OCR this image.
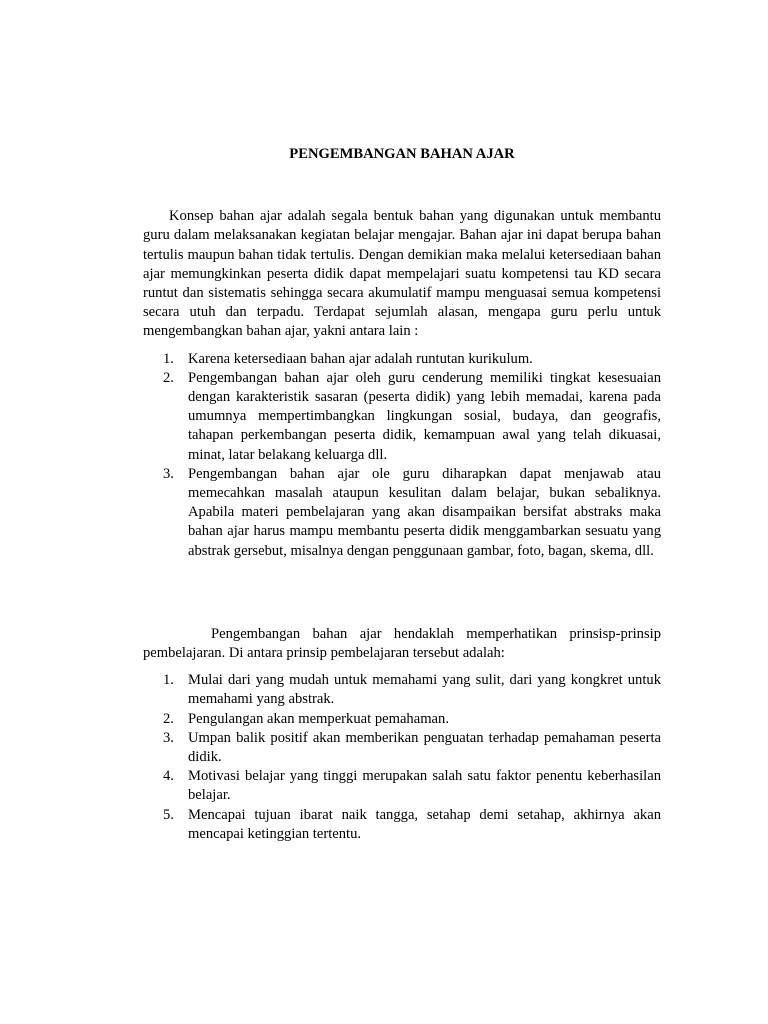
PENGEMBANGAN BAHAN AJAR

Konsep bahan ajar adalah segala bentuk bahan yang digunakan untuk membantu guru dalam melaksanakan kegiatan belajar mengajar. Bahan ajar ini dapat berupa bahan tertulis maupun bahan tidak tertulis. Dengan demikian maka melalui ketersediaan bahan ajar memungkinkan peserta didik dapat mempelajari suatu kompetensi tau KD secara runtut dan sistematis sehingga secara akumulatif mampu menguasai semua kompetensi secara utuh dan terpadu. Terdapat sejumlah alasan, mengapa guru perlu untuk mengembangkan bahan ajar, yakni antara lain :

1. Karena ketersediaan bahan ajar adalah runtutan kurikulum.
2. Pengembangan bahan ajar oleh guru cenderung memiliki tingkat kesesuaian dengan karakteristik sasaran (peserta didik) yang lebih memadai, karena pada umumnya mempertimbangkan lingkungan sosial, budaya, dan geografis, tahapan perkembangan peserta didik, kemampuan awal yang telah dikuasai, minat, latar belakang keluarga dll.
3. Pengembangan bahan ajar ole guru diharapkan dapat menjawab atau memecahkan masalah ataupun kesulitan dalam belajar, bukan sebaliknya. Apabila materi pembelajaran yang akan disampaikan bersifat abstraks maka bahan ajar harus mampu membantu peserta didik menggambarkan sesuatu yang abstrak gersebut, misalnya dengan penggunaan gambar, foto, bagan, skema, dll.

Pengembangan bahan ajar hendaklah memperhatikan prinsisp-prinsip pembelajaran. Di antara prinsip pembelajaran tersebut adalah:

1. Mulai dari yang mudah untuk memahami yang sulit, dari yang kongkret untuk memahami yang abstrak.
2. Pengulangan akan memperkuat pemahaman.
3. Umpan balik positif akan memberikan penguatan terhadap pemahaman peserta didik.
4. Motivasi belajar yang tinggi merupakan salah satu faktor penentu keberhasilan belajar.
5. Mencapai tujuan ibarat naik tangga, setahap demi setahap, akhirnya akan mencapai ketinggian tertentu.
